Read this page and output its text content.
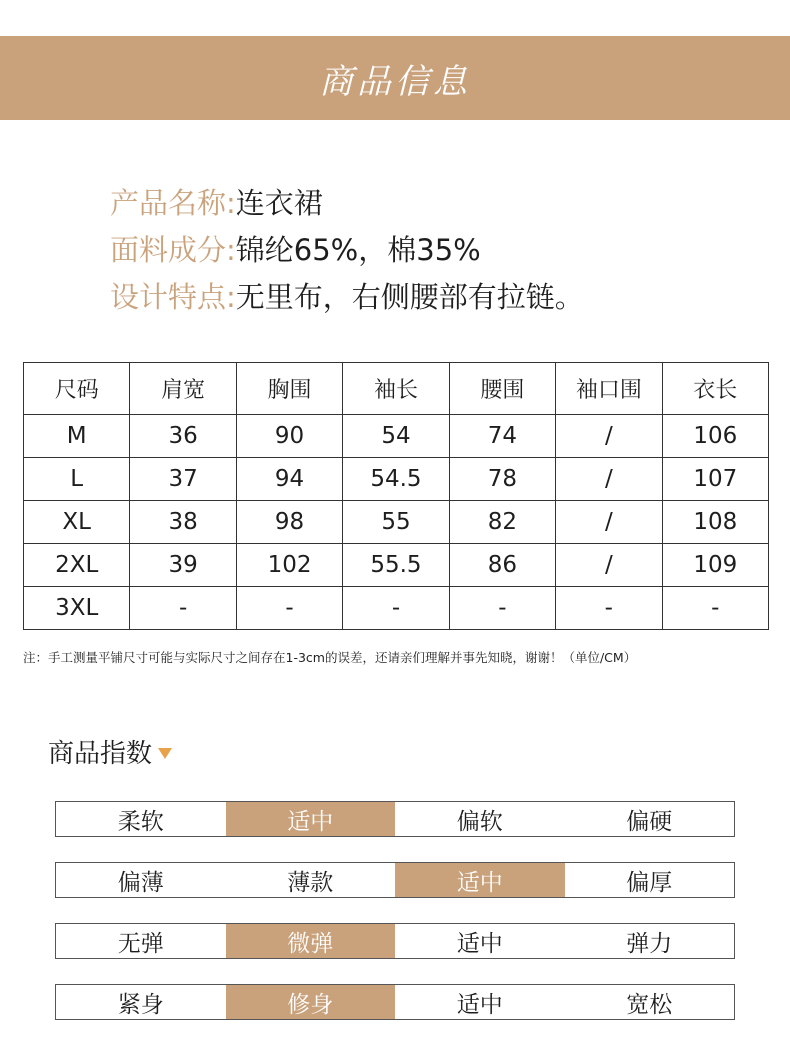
商品信息
产品名称: 连衣裙
面料成分: 锦纶65%，棉35%
设计特点: 无里布，右侧腰部有拉链。
尺码	肩宽	胸围	袖长	腰围	袖口围	衣长
M	36	90	54	74	/	106
L	37	94	54.5	78	/	107
XL	38	98	55	82	/	108
2XL	39	102	55.5	86	/	109
3XL	-	-	-	-	-	-

注：手工测量平铺尺寸可能与实际尺寸之间存在1-3cm的误差，还请亲们理解并事先知晓，谢谢！（单位/CM）

商品指数
柔软	适中	偏软	偏硬
偏薄	薄款	适中	偏厚
无弹	微弹	适中	弹力
紧身	修身	适中	宽松
